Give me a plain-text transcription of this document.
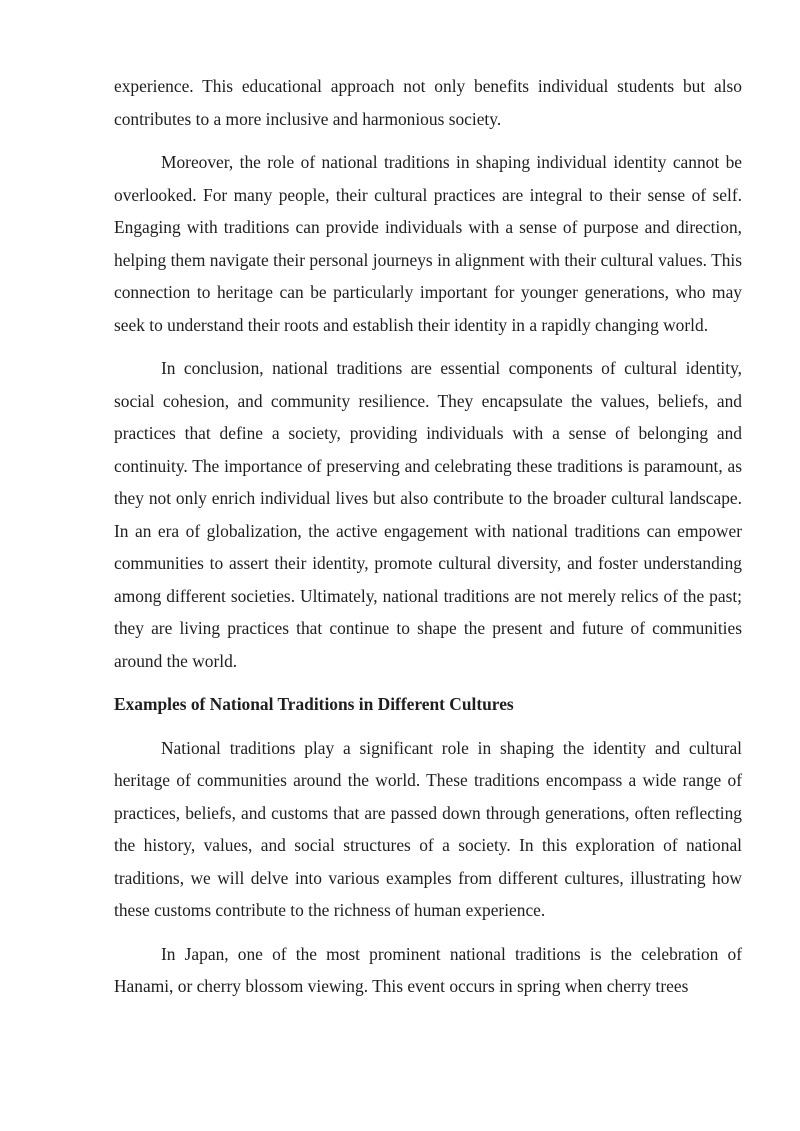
experience. This educational approach not only benefits individual students but also contributes to a more inclusive and harmonious society.

Moreover, the role of national traditions in shaping individual identity cannot be overlooked. For many people, their cultural practices are integral to their sense of self. Engaging with traditions can provide individuals with a sense of purpose and direction, helping them navigate their personal journeys in alignment with their cultural values. This connection to heritage can be particularly important for younger generations, who may seek to understand their roots and establish their identity in a rapidly changing world.

In conclusion, national traditions are essential components of cultural identity, social cohesion, and community resilience. They encapsulate the values, beliefs, and practices that define a society, providing individuals with a sense of belonging and continuity. The importance of preserving and celebrating these traditions is paramount, as they not only enrich individual lives but also contribute to the broader cultural landscape. In an era of globalization, the active engagement with national traditions can empower communities to assert their identity, promote cultural diversity, and foster understanding among different societies. Ultimately, national traditions are not merely relics of the past; they are living practices that continue to shape the present and future of communities around the world.

Examples of National Traditions in Different Cultures

National traditions play a significant role in shaping the identity and cultural heritage of communities around the world. These traditions encompass a wide range of practices, beliefs, and customs that are passed down through generations, often reflecting the history, values, and social structures of a society. In this exploration of national traditions, we will delve into various examples from different cultures, illustrating how these customs contribute to the richness of human experience.

In Japan, one of the most prominent national traditions is the celebration of Hanami, or cherry blossom viewing. This event occurs in spring when cherry trees
